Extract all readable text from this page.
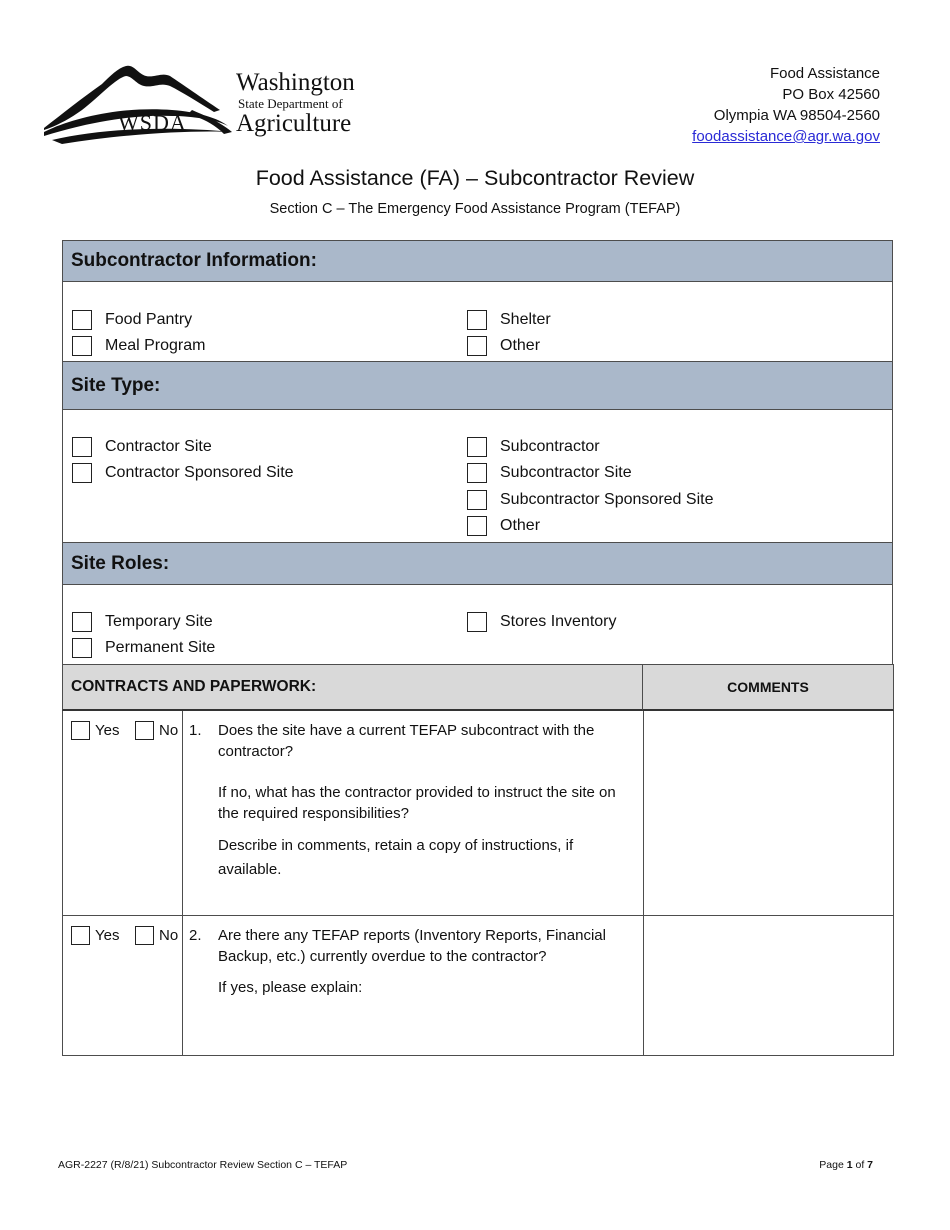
WSDA
Washington
State Department of
Agriculture
Food Assistance
PO Box 42560
Olympia WA 98504-2560
foodassistance@agr.wa.gov
Food Assistance (FA) – Subcontractor Review
Section C – The Emergency Food Assistance Program (TEFAP)
Subcontractor Information:
Food Pantry
Meal Program
Shelter
Other
Site Type:
Contractor Site
Contractor Sponsored Site
Subcontractor
Subcontractor Site
Subcontractor Sponsored Site
Other
Site Roles:
Temporary Site
Permanent Site
Stores Inventory
CONTRACTS AND PAPERWORK:	COMMENTS
Yes	No 1. Does the site have a current TEFAP subcontract with the contractor?
If no, what has the contractor provided to instruct the site on the required responsibilities?
Describe in comments, retain a copy of instructions, if available.
Yes	No 2. Are there any TEFAP reports (Inventory Reports, Financial Backup, etc.) currently overdue to the contractor?
If yes, please explain:
AGR-2227 (R/8/21) Subcontractor Review Section C – TEFAP	Page 1 of 7
